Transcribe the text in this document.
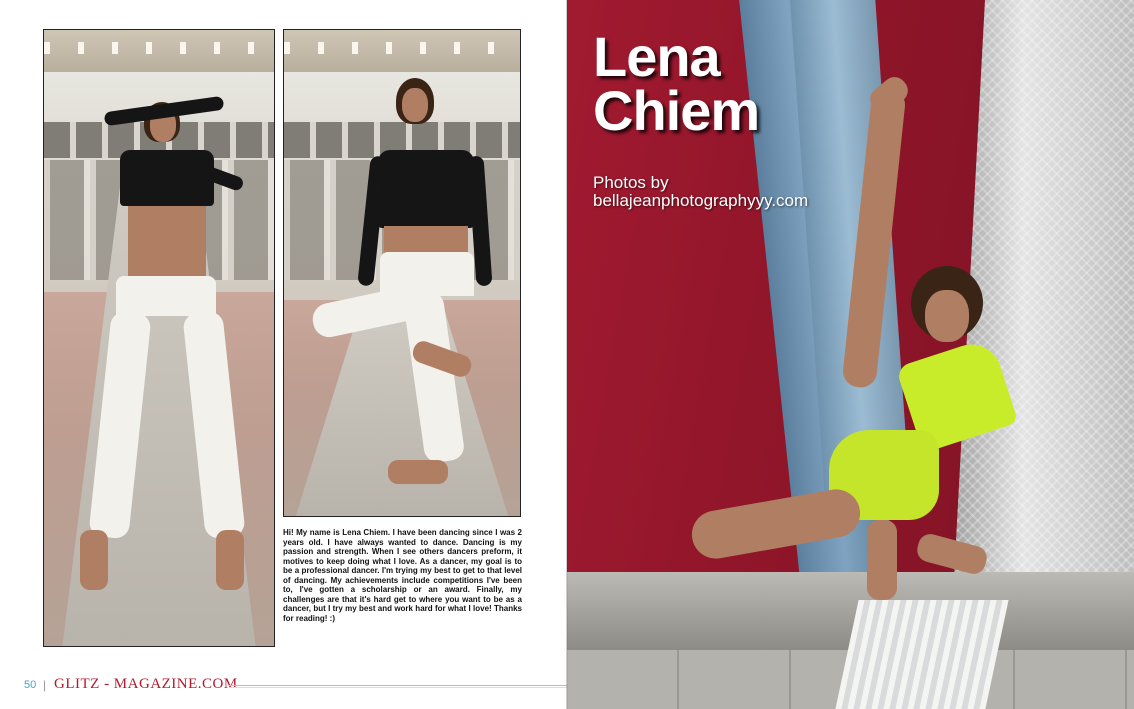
Hi! My name is Lena Chiem. I have been dancing since I was 2 years old. I have always wanted to dance. Dancing is my passion and strength. When I see others dancers preform, it motives to keep doing what I love. As a dancer, my goal is to be a professional dancer. I'm trying my best to get to that level of dancing. My achievements include competitions I've been to, I've gotten a scholarship or an award. Finally, my challenges are that it's hard get to where you want to be as a dancer, but I try my best and work hard for what I love! Thanks for reading! :)
50 | GLITZ - MAGAZINE.COM
Lena
Chiem
Photos by
bellajeanphotographyyy.com
